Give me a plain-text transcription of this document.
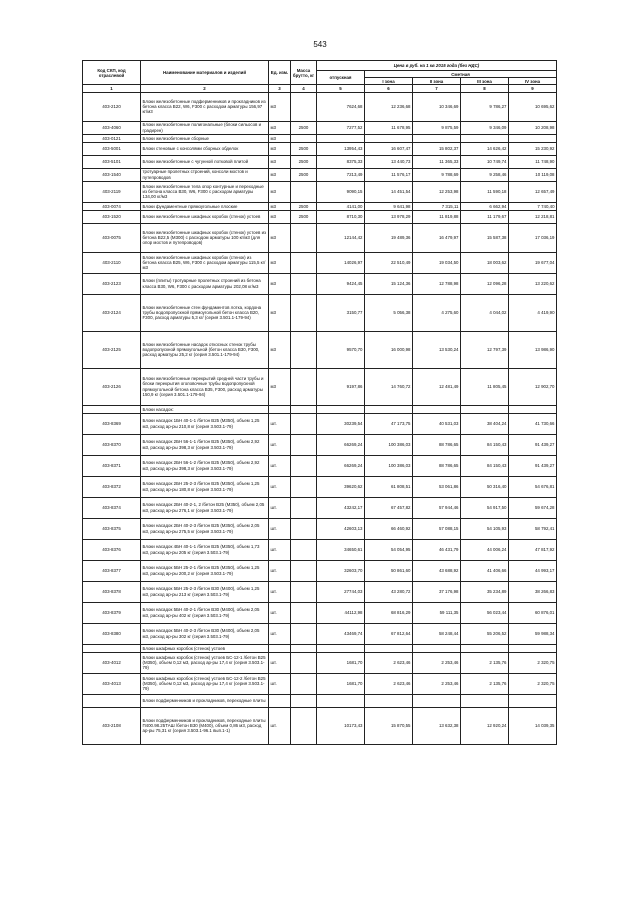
543
Код СКП, код отраслевой	Наименование материалов и изделий	Ед. изм.	Масса брутто, кг	Цена в руб. на 1 кв 2015 года (без НДС)				
				отпускная	Сметная			
					I зона	II зона	III зона	IV зона
1	2	3	4	5	6	7	8	9
403-2120	Блоки железобетонные подферменников и прокладников из бетона класса В22, W6, F300 с расходом арматуры 156,97 кг/м3	м3		7624,68	12 236,68	10 346,69	9 786,27	10 695,62
403-4060	Блоки железобетонные полигональные (блоки сильосов и градирен)	м3	2500	7277,52	11 678,95	9 875,59	9 346,09	10 208,98
403-0121	Блоки железобетонные сборные	м3						
403-5001	Блоки стеновые с консолями сборных обделок	м3	2500	13954,43	16 607,47	15 802,37	14 626,42	15 230,92
403-5101	Блоки железобетонные с чугунной лотковой плитой	м3	2500	8375,33	13 440,73	11 365,33	10 749,74	11 748,90
403-1540	тротуарные пролетных строений, консоли мостов и путепроводов	м3	2500	7213,49	11 576,17	9 788,69	9 258,46	10 119,08
403-2119	Блоки железобетонные тела опор контурные и переходные из бетона класса В30, W6, F300 с расходом арматуры 134,00 кг/м3	м3		9090,15	14 451,54	12 253,98	11 590,18	12 657,49
403-0074	Блоки фундаментные прямоугольные плоские	м3	2500	4141,00	9 641,98	7 315,11	6 662,94	7 740,40
403-1520	Блоки железобетонные шкафных коробок (стенок) устоев	м3	2500	8710,30	13 978,29	11 819,88	11 179,67	12 218,81
403-0075	Блоки железобетонные шкафных коробок (стенок) устоев из бетона В22,5 (М300) с расходом арматуры 100 кг/м3 (для опор мостов и путепроводов)	м3		12144,42	19 489,36	16 479,97	15 587,38	17 036,19
403-2110	Блоки железобетонные шкафных коробок (стенок) из бетона класса В25, W6, F300 с расходом арматуры 115,5 кг/м3	м3		14026,97	22 510,49	19 034,50	18 003,62	19 677,04
403-2123	Блоки (плиты) тротуарные пролетных строений из бетона класса В30, W6, F300 с расходом арматуры 202,08 кг/м3	м3		9424,45	15 124,36	12 788,98	12 096,28	13 220,62
403-2124	Блоки железобетонные стен фундаментов лотка, кордона трубы водопропускной прямоугольной бетон класса В20, F300, расход арматуры 5,3 кг/ (серия 3.501.1-179-94)	м3		3150,77	5 056,38	4 275,60	4 044,02	4 419,90
403-2125	Блоки железобетонные насадок откосных стенок трубы водопропускной прямоугольной (бетон класса В30, F300, расход арматуры 25,2 кг (серия 3.501.1-179-94)	м3		9570,70	16 000,98	13 530,24	12 797,39	13 986,90
403-2126	Блоки железобетонные перекрытий средней части трубы и блоки перекрытия оголовочные трубы водопропускной прямоугольной бетона класса В35, F300, расход арматуры 150,9 кг (серия 3.501.1-179-94)	м3		9197,86	14 760,72	12 481,49	11 805,45	12 902,70
	Блоки насадок:							
403-8369	Блоки насадок 1БН 40-1-1 /бетон В25 (М350), объем 1,25 м3, расход ар-ры 210,8 кг (серия 3.503.1-79)	шт.		30239,54	47 173,75	40 531,03	38 404,24	41 730,66
403-8370	Блоки насадок 2БН 56-1-1 /бетон В25 (М350), объем 2,92 м3, расход ар-ры 398,3 кг (серия 3.503.1-79)	шт.		66269,24	100 386,03	88 786,65	84 150,43	91 439,27
403-8371	Блоки насадок 2БН 56-1-2 /бетон В25 (М350), объем 2,92 м3, расход ар-ры 398,3 кг (серия 3.503.1-79)	шт.		66269,24	100 386,03	88 786,65	84 150,43	91 439,27
403-8372	Блоки насадок 2БН 25-2-3 /бетон В25 (М350), объем 1,25 м3, расход ар-ры 180,8 кг (серия 3.503.1-79)	шт.		39620,62	61 808,51	53 061,86	50 316,40	54 676,81
403-8374	Блоки насадок 2БН 40-2-1, 2 /бетон В25 (М350), объем 2,05 м3, расход ар-ры 276,1 кг (серия 3.503.1-79)	шт.		43242,17	67 457,82	57 944,46	54 917,50	59 674,28
403-8375	Блоки насадок 2БН 40-2-3 /бетон В25 (М350), объем 2,05 м3, расход ар-ры 275,5 кг (серия 3.503.1-79)	шт.		42603,13	66 460,92	57 088,15	54 105,93	58 792,41
403-8376	Блоки насадок 4БН 40-1-1 /бетон В25 (М350), объем 1,73 м3, расход ар-ры 205 кг (серия 3.503.1-79)	шт.		34650,61	54 054,95	46 431,79	44 006,24	47 817,92
403-8377	Блоки насадок 5БН 25-2-1 /бетон В25 (М350), объем 1,25 м3, расход ар-ры 200,2 кг (серия 3.503.1-79)	шт.		32603,70	50 861,60	43 688,92	41 406,66	44 993,17
403-8378	Блоки насадок 5БН 25-2-3 /бетон В30 (М400), объем 1,25 м3, расход ар-ры 213 кг (серия 3.503.1-79)	шт.		27744,03	43 280,72	37 176,98	35 234,89	38 266,83
403-8379	Блоки насадок 5БН 40-2-1 /бетон В30 (М400), объем 2,05 м3, расход ар-ры 402 кг (серия 3.503.1-79)	шт.		44112,98	68 816,29	59 111,35	56 023,44	60 876,01
403-8380	Блоки насадок 5БН 40-2-3 /бетон В30 (М400), объем 2,05 м3, расход ар-ры 302 кг (серия 3.503.1-79)	шт.		43469,74	67 812,64	58 248,44	55 206,52	59 988,34
	Блоки шкафных коробок (стенок) устоев							
403-4012	Блоки шкафных коробок (стенок) устоев БС-12-1 /бетон В25 (М350), объем 0,12 м3, расход ар-ры 17,4 кг (серия 3.503.1-79)	шт.		1681,70	2 623,46	2 253,46	2 135,76	2 320,75
403-4013	Блоки шкафных коробок (стенок) устоев БС-12-2 /бетон В25 (М350), объем 0,12 м3, расход ар-ры 17,4 кг (серия 3.503.1-79)	шт.		1681,70	2 623,46	2 253,46	2 135,76	2 320,75
	Блоки подферменников и прокладников, переходные плиты							
403-2108	Блоки подферменников и прокладников, переходные плиты П400.98.25ТАШ /бетон В30 (М400), объем 0,86 м3, расход ар-ры 75,31 кг (серия 3.503.1-96.1 вып.1-1)	шт.		10173,43	15 870,55	13 632,38	12 920,24	14 039,35
